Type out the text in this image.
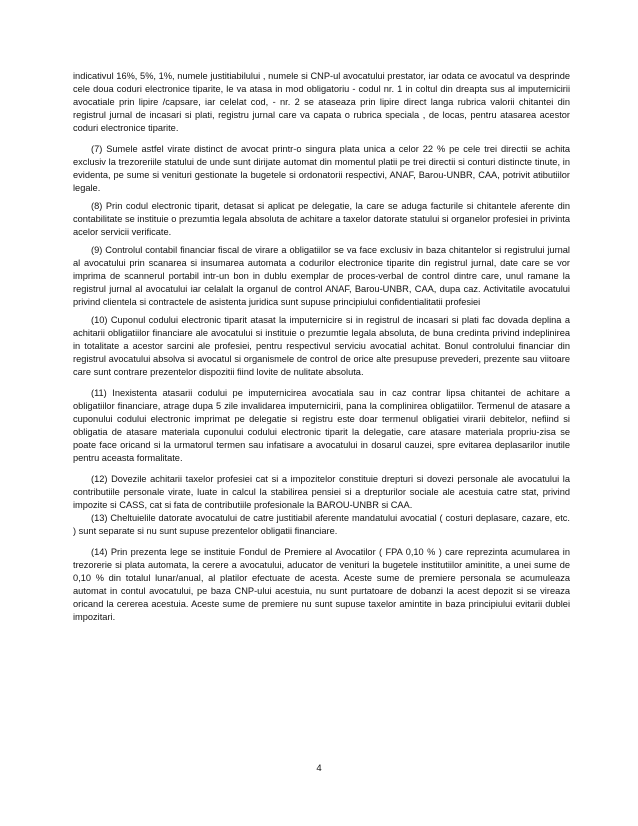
indicativul 16%, 5%, 1%, numele justitiabilului , numele si CNP-ul avocatului prestator, iar odata ce avocatul va desprinde cele doua coduri electronice tiparite, le va atasa in mod obligatoriu - codul nr. 1 in coltul din dreapta sus al imputernicirii avocatiale prin lipire /capsare, iar celelat cod, - nr. 2 se ataseaza prin lipire direct langa rubrica valorii chitantei din registrul jurnal de incasari si plati, registru jurnal care va capata o rubrica speciala , de locas, pentru atasarea acestor coduri electronice tiparite.

(7) Sumele astfel virate distinct de avocat printr-o singura plata unica a celor 22 % pe cele trei directii se achita exclusiv la trezoreriile statului de unde sunt dirijate automat din momentul platii pe trei directii si conturi distincte tinute, in evidenta, pe sume si venituri gestionate la bugetele si ordonatorii respectivi, ANAF, Barou-UNBR, CAA, potrivit atibutiilor legale.

(8) Prin codul electronic tiparit, detasat si aplicat pe delegatie, la care se aduga facturile si chitantele aferente din contabilitate se instituie o prezumtia legala absoluta de achitare a taxelor datorate statului si organelor profesiei in privinta acelor servicii verificate.

(9) Controlul contabil financiar fiscal de virare a obligatiilor se va face exclusiv in baza chitantelor si registrului jurnal al avocatului prin scanarea si insumarea automata a codurilor electronice tiparite din registrul jurnal, date care se vor imprima de scannerul portabil intr-un bon in dublu exemplar de proces-verbal de control dintre care, unul ramane la registrul jurnal al avocatului iar celalalt la organul de control ANAF, Barou-UNBR, CAA, dupa caz. Activitatile avocatului privind clientela si contractele de asistenta juridica sunt supuse principiului confidentialitatii profesiei

(10) Cuponul codului electronic tiparit atasat la imputernicire si in registrul de incasari si plati fac dovada deplina a achitarii obligatiilor financiare ale avocatului si instituie o prezumtie legala absoluta, de buna credinta privind indeplinirea in totalitate a acestor sarcini ale profesiei, pentru respectivul serviciu avocatial achitat. Bonul controlului financiar din registrul avocatului absolva si avocatul si organismele de control de orice alte presupuse prevederi, prezente sau viitoare care sunt contrare prezentelor dispozitii fiind lovite de nulitate absoluta.

(11) Inexistenta atasarii codului pe imputernicirea avocatiala sau in caz contrar lipsa chitantei de achitare a obligatiilor financiare, atrage dupa 5 zile invalidarea imputernicirii, pana la complinirea obligatiilor. Termenul de atasare a cuponului codului electronic imprimat pe delegatie si registru este doar termenul obligatiei virarii debitelor, nefiind si obligatia de atasare materiala cuponului codului electronic tiparit la delegatie, care atasare materiala propriu-zisa se poate face oricand si la urmatorul termen sau infatisare a avocatului in dosarul cauzei, spre evitarea deplasarilor inutile pentru aceasta formalitate.

(12) Dovezile achitarii taxelor profesiei cat si a impozitelor constituie drepturi si dovezi personale ale avocatului la contributiile personale virate, luate in calcul la stabilirea pensiei si a drepturilor sociale ale acestuia catre stat, privind impozite si CASS, cat si fata de contributiile profesionale la BAROU-UNBR si CAA.

(13) Cheltuielile datorate avocatului de catre justitiabil aferente mandatului avocatial ( costuri deplasare, cazare, etc. ) sunt separate si nu sunt supuse prezentelor obligatii financiare.

(14) Prin prezenta lege se instituie Fondul de Premiere al Avocatilor ( FPA 0,10 % ) care reprezinta acumularea in trezorerie si plata automata, la cerere a avocatului, aducator de venituri la bugetele institutiilor aminitite, a unei sume de 0,10 % din totalul lunar/anual, al platilor efectuate de acesta. Aceste sume de premiere personala se acumuleaza automat in contul avocatului, pe baza CNP-ului acestuia, nu sunt purtatoare de dobanzi la acest depozit si se vireaza oricand la cererea acestuia. Aceste sume de premiere nu sunt supuse taxelor amintite in baza principiului evitarii dublei impozitari.

4
